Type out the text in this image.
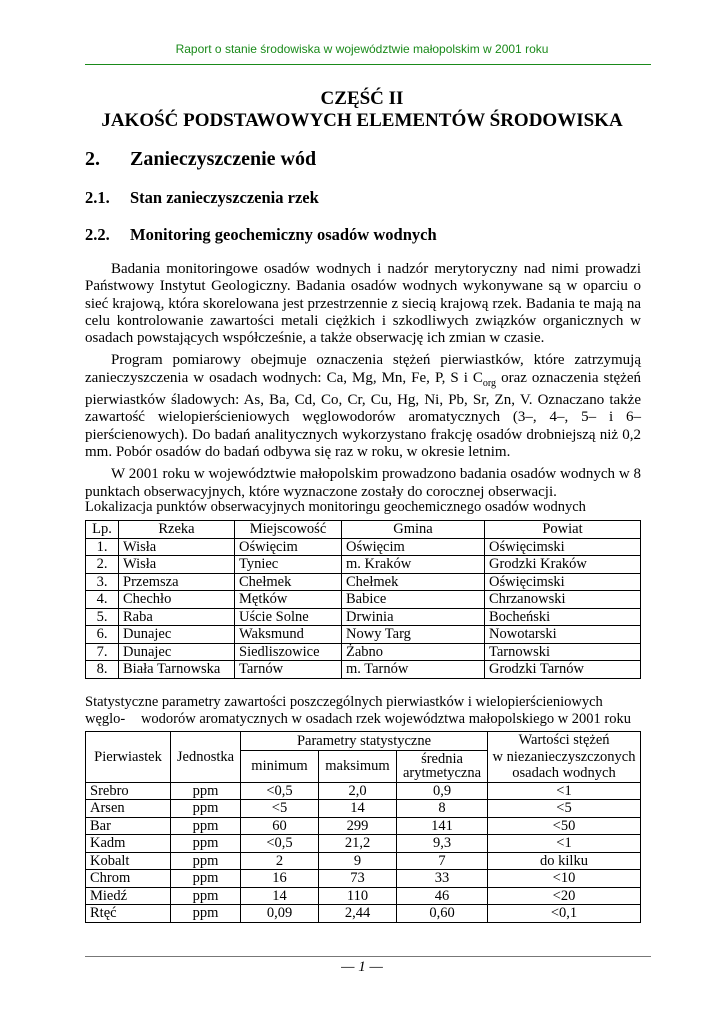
Raport o stanie środowiska w województwie małopolskim w 2001 roku
CZĘŚĆ II
JAKOŚĆ PODSTAWOWYCH ELEMENTÓW ŚRODOWISKA
2. Zanieczyszczenie wód
2.1. Stan zanieczyszczenia rzek
2.2. Monitoring geochemiczny osadów wodnych

Badania monitoringowe osadów wodnych i nadzór merytoryczny nad nimi prowadzi Państwowy Instytut Geologiczny. Badania osadów wodnych wykonywane są w oparciu o sieć krajową, która skorelowana jest przestrzennie z siecią krajową rzek. Badania te mają na celu kontrolowanie zawartości metali ciężkich i szkodliwych związków organicznych w osadach powstających współcześnie, a także obserwację ich zmian w czasie.

Program pomiarowy obejmuje oznaczenia stężeń pierwiastków, które zatrzymują zanieczyszczenia w osadach wodnych: Ca, Mg, Mn, Fe, P, S i $C_{org}$ oraz oznaczenia stężeń pierwiastków śladowych: As, Ba, Cd, Co, Cr, Cu, Hg, Ni, Pb, Sr, Zn, V. Oznaczano także zawartość wielopierścieniowych węglowodorów aromatycznych (3–, 4–, 5– i 6–pierścienowych). Do badań analitycznych wykorzystano frakcję osadów drobniejszą niż 0,2 mm. Pobór osadów do badań odbywa się raz w roku, w okresie letnim.

W 2001 roku w województwie małopolskim prowadzono badania osadów wodnych w 8 punktach obserwacyjnych, które wyznaczone zostały do corocznej obserwacji.

Lokalizacja punktów obserwacyjnych monitoringu geochemicznego osadów wodnych
Lp.	Rzeka	Miejscowość	Gmina	Powiat
1.	Wisła	Oświęcim	Oświęcim	Oświęcimski
2.	Wisła	Tyniec	m. Kraków	Grodzki Kraków
3.	Przemsza	Chełmek	Chełmek	Oświęcimski
4.	Chechło	Mętków	Babice	Chrzanowski
5.	Raba	Uście Solne	Drwinia	Bocheński
6.	Dunajec	Waksmund	Nowy Targ	Nowotarski
7.	Dunajec	Siedliszowice	Żabno	Tarnowski
8.	Biała Tarnowska	Tarnów	m. Tarnów	Grodzki Tarnów
Statystyczne parametry zawartości poszczególnych pierwiastków i wielopierścieniowych węglo-	wodorów aromatycznych w osadach rzek województwa małopolskiego w 2001 roku
Pierwiastek	Jednostka	Parametry statystyczne			Wartości stężeń
w niezanieczyszczonych
osadach wodnych

		minimum	maksimum	średnia
arytmetyczna	

Srebro	ppm	<0,5	2,0	0,9	<1
Arsen	ppm	<5	14	8	<5
Bar	ppm	60	299	141	<50
Kadm	ppm	<0,5	21,2	9,3	<1
Kobalt	ppm	2	9	7	do kilku
Chrom	ppm	16	73	33	<10
Miedź	ppm	14	110	46	<20
Rtęć	ppm	0,09	2,44	0,60	<0,1
— 1 —
